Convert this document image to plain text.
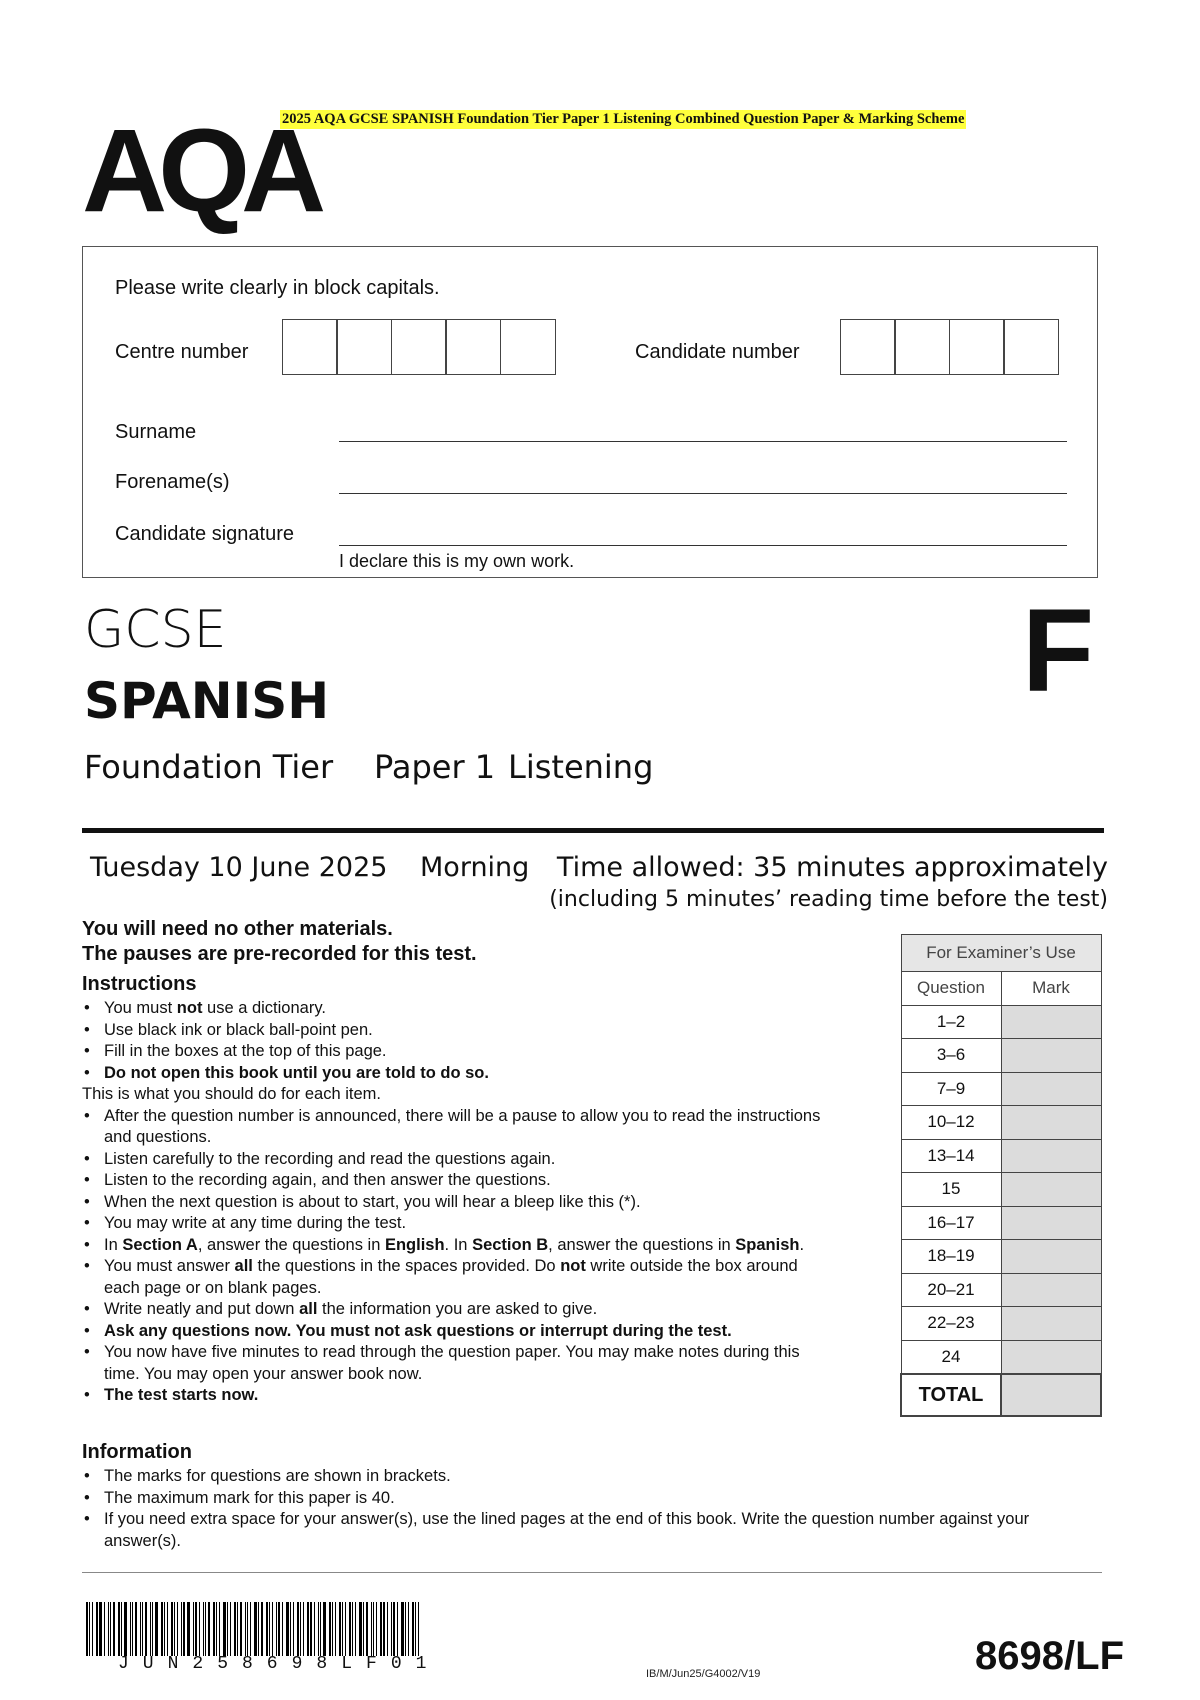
2025 AQA GCSE SPANISH Foundation Tier Paper 1 Listening Combined Question Paper & Marking Scheme
AQA
Please write clearly in block capitals.
Centre number	Candidate number
Surname
Forename(s)
Candidate signature
I declare this is my own work.
GCSE
SPANISH	F
Foundation Tier Paper 1 Listening
Tuesday 10 June 2025 Morning Time allowed: 35 minutes approximately
(including 5 minutes’ reading time before the test)
You will need no other materials.
The pauses are pre-recorded for this test.
Instructions
• You must not use a dictionary.
• Use black ink or black ball-point pen.
• Fill in the boxes at the top of this page.
• Do not open this book until you are told to do so.
This is what you should do for each item.
• After the question number is announced, there will be a pause to allow you to read the instructions and questions.
• Listen carefully to the recording and read the questions again.
• Listen to the recording again, and then answer the questions.
• When the next question is about to start, you will hear a bleep like this (*).
• You may write at any time during the test.
• In Section A, answer the questions in English. In Section B, answer the questions in Spanish.
• You must answer all the questions in the spaces provided. Do not write outside the box around each page or on blank pages.
• Write neatly and put down all the information you are asked to give.
• Ask any questions now. You must not ask questions or interrupt during the test.
• You now have five minutes to read through the question paper. You may make notes during this time. You may open your answer book now.
• The test starts now.
Information
• The marks for questions are shown in brackets.
• The maximum mark for this paper is 40.
• If you need extra space for your answer(s), use the lined pages at the end of this book. Write the question number against your answer(s).
For Examiner’s Use	
Question	Mark
1–2	
3–6	
7–9	
10–12	
13–14	
15	
16–17	
18–19	
20–21	
22–23	
24	
TOTAL	
JUN258698LF01	IB/M/Jun25/G4002/V19	8698/LF
